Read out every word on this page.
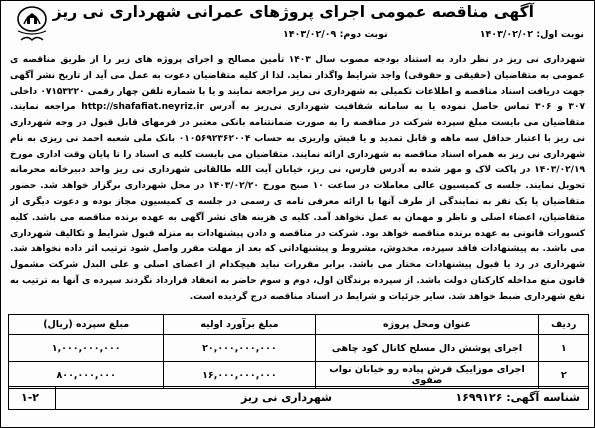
آگهی مناقصه عمومی اجرای پروژهای عمرانی شهرداری نی ریز
نوبت اول: ۱۴۰۳/۰۲/۰۲
نوبت دوم: ۱۴۰۳/۰۲/۰۹
شهرداری نی ریز در نظر دارد به استناد بودجه مصوب سال ۱۴۰۳ تأمین مصالح و اجرای پروژه های زیر را از طریق مناقصه ی عمومی به متقاضیان (حقیقی و حقوقی) واجد شرایط واگذار نماید. لذا از کلیه متقاضیان دعوت به عمل می آید از تاریخ نشر آگهی جهت دریافت اسناد مناقصه و اطلاعات تکمیلی به شهرداری نی ریز مراجعه نمایند و یا با شماره تلفن چهار رقمی ۰۷۱۵۳۲۲۰ داخلی ۳۰۷ و ۳۰۶ تماس حاصل نموده یا به سامانه شفافیت شهرداری نی‌ریز به آدرس http://shafafiat.neyriz.ir مراجعه نمایند. متقاضیان می بایست مبلغ سپرده شرکت در مناقصه را به صورت ضمانتنامه بانکی معتبر در فرمهای قابل قبول در وجه شهرداری نی ریز با اعتبار حداقل سه ماهه و قابل تمدید و یا فیش واریزی به حساب ۰۱۰۵۶۹۲۳۶۲۰۰۴ بانک ملی شعبه احمد نی ریزی به نام شهرداری نی ریز به همراه اسناد مناقصه به شهرداری ارائه نمایند. متقاضیان می بایست کلیه ی اسناد را تا پایان وقت اداری مورخ ۱۴۰۳/۰۲/۱۹ در پاکت لاک و مهر شده به آدرس فارس، نی ریز، خیابان آیت الله طالقانی شهرداری نی ریز واحد دبیرخانه محرمانه تحویل نمایند. جلسه ی کمیسیون عالی معاملات در ساعت ۱۰ صبح مورخ ۱۴۰۳/۰۲/۲۰ در محل شهرداری برگزار خواهد شد. حضور متقاضیان یا یک نفر به نمایندگی از طرف آنها با ارائه معرفی نامه ی رسمی در جلسه ی کمیسیون مجاز بوده و دعوت دیگری از متقاضیان، اعضاء اصلی و ناظر و مهمان به عمل نخواهد آمد. کلیه ی هزینه های نشر آگهی به عهده برنده مناقصه می باشد. کلیه کسورات قانونی به عهده برنده مناقصه خواهد بود. شرکت در مناقصه و دادن پیشنهادات به منزله قبول شرایط و تکالیف شهرداری می باشد. به پیشنهادات فاقد سپرده، مخدوش، مشروط و پیشنهاداتی که بعد از مهلت مقرر واصل شود ترتیب اثر داده نخواهد شد. شهرداری در رد یا قبول پیشنهادات مختار می باشد. برابر مقررات نباید هیچکدام از اعضای اصلی و علی البدل شرکت مشمول قانون منع مداخله کارکنان دولت باشد. از سپرده برندگان اول، دوم و سوم حاضر به انعقاد قرارداد نگردند سپرده ی آنها به ترتیب به نفع شهرداری ضبط خواهد شد. سایر جزئیات و شرایط در اسناد مناقصه درج گردیده است.
ردیف	عنوان ومحل پروژه	مبلغ برآورد اولیه	مبلغ سپرده (ریال)
۱	اجرای پوشش دال مسلح کانال کود چاهی	۲۰,۰۰۰,۰۰۰,۰۰۰	۱,۰۰۰,۰۰۰,۰۰۰
۲	اجرای موزاییک فرش پیاده رو خیابان نواب صفوی	۱۶,۰۰۰,۰۰۰,۰۰۰	۸۰۰,۰۰۰,۰۰۰
شناسه آگهی: ۱۶۹۹۱۲۶
شهرداری نی ریز
۱-۲
